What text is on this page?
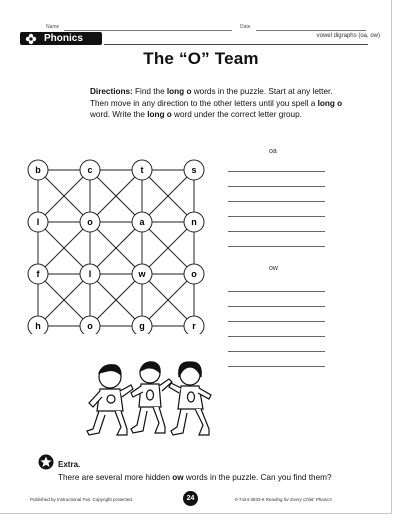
Name	Date
Phonics	vowel digraphs (oa, ow)
The “O” Team
Directions: Find the long o words in the puzzle. Start at any letter. Then move in any direction to the other letters until you spell a long o word. Write the long o word under the correct letter group.
b	c	t	s
l	o	a	n
f	l	w	o
h	o	g	r
oa
ow
Extra.
There are several more hidden ow words in the puzzle. Can you find them?
Published by Instructional Fair. Copyright protected.	24	0-7424-3833-8 Reading for Every Child: Phonics
